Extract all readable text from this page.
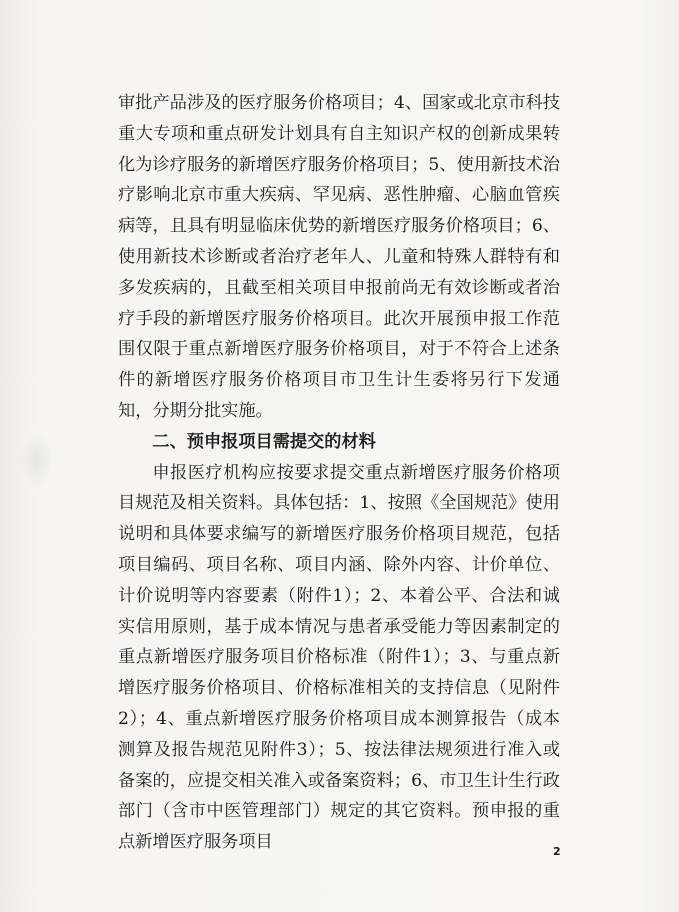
审批产品涉及的医疗服务价格项目；4、国家或北京市科技重大专项和重点研发计划具有自主知识产权的创新成果转化为诊疗服务的新增医疗服务价格项目；5、使用新技术治疗影响北京市重大疾病、罕见病、恶性肿瘤、心脑血管疾病等，且具有明显临床优势的新增医疗服务价格项目；6、使用新技术诊断或者治疗老年人、儿童和特殊人群特有和多发疾病的，且截至相关项目申报前尚无有效诊断或者治疗手段的新增医疗服务价格项目。此次开展预申报工作范围仅限于重点新增医疗服务价格项目，对于不符合上述条件的新增医疗服务价格项目市卫生计生委将另行下发通知，分期分批实施。

二、预申报项目需提交的材料

申报医疗机构应按要求提交重点新增医疗服务价格项目规范及相关资料。具体包括：1、按照《全国规范》使用说明和具体要求编写的新增医疗服务价格项目规范，包括项目编码、项目名称、项目内涵、除外内容、计价单位、计价说明等内容要素（附件1）；2、本着公平、合法和诚实信用原则，基于成本情况与患者承受能力等因素制定的重点新增医疗服务项目价格标准（附件1）；3、与重点新增医疗服务价格项目、价格标准相关的支持信息（见附件2）；4、重点新增医疗服务价格项目成本测算报告（成本测算及报告规范见附件3）；5、按法律法规须进行准入或备案的，应提交相关准入或备案资料；6、市卫生计生行政部门（含市中医管理部门）规定的其它资料。预申报的重点新增医疗服务项目	2
